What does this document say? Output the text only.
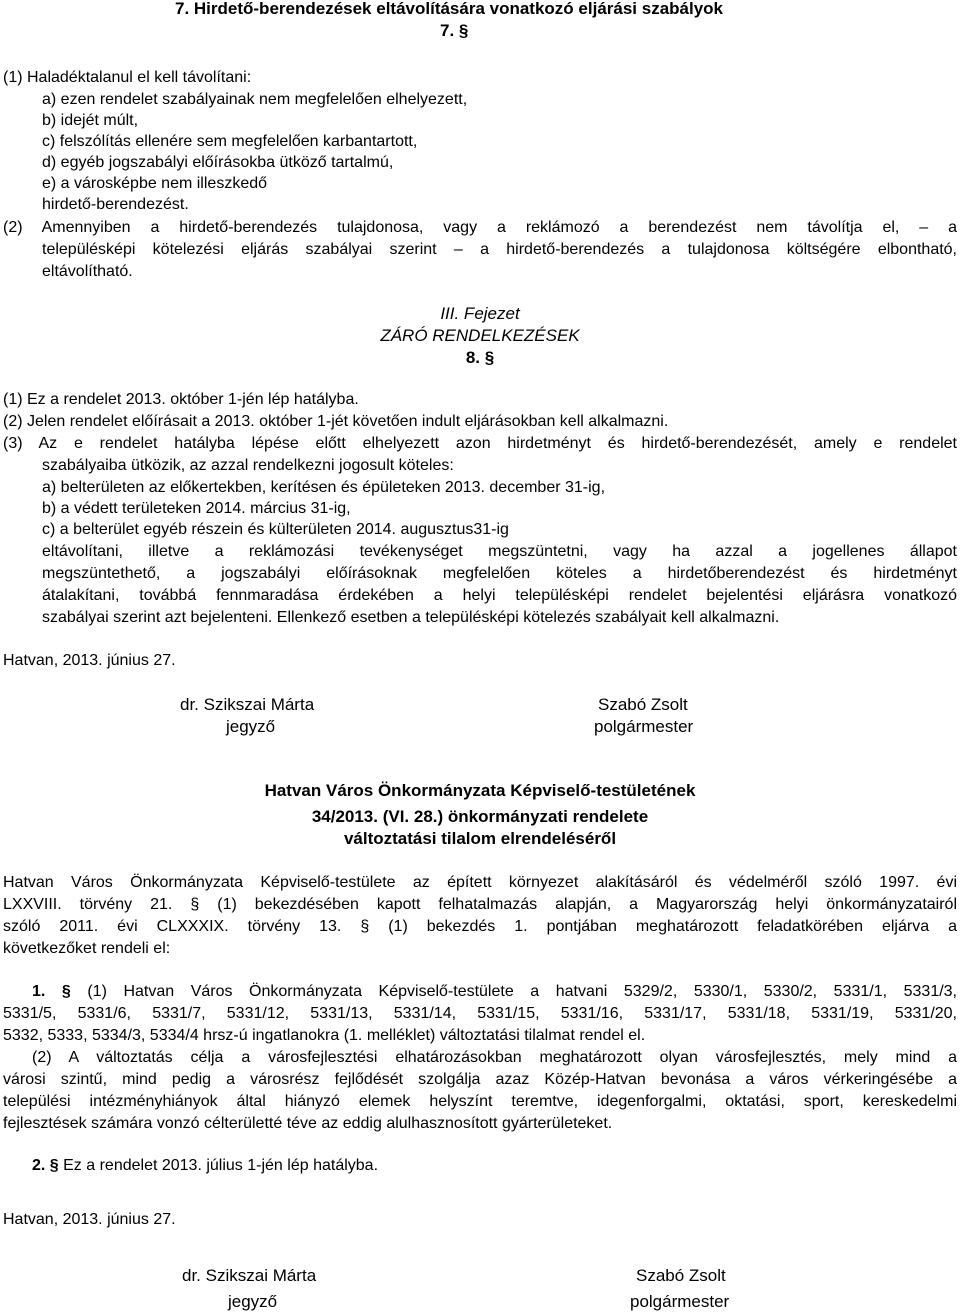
7. Hirdető-berendezések eltávolítására vonatkozó eljárási szabályok
7. §
(1) Haladéktalanul el kell távolítani:
a) ezen rendelet szabályainak nem megfelelően elhelyezett,
b) idejét múlt,
c) felszólítás ellenére sem megfelelően karbantartott,
d) egyéb jogszabályi előírásokba ütköző tartalmú,
e) a városképbe nem illeszkedő
hirdető-berendezést.
(2) Amennyiben a hirdető-berendezés tulajdonosa, vagy a reklámozó a berendezést nem távolítja el, – a
településképi kötelezési eljárás szabályai szerint – a hirdető-berendezés a tulajdonosa költségére elbontható,
eltávolítható.
III. Fejezet
ZÁRÓ RENDELKEZÉSEK
8. §
(1) Ez a rendelet 2013. október 1-jén lép hatályba.
(2) Jelen rendelet előírásait a 2013. október 1-jét követően indult eljárásokban kell alkalmazni.
(3) Az e rendelet hatályba lépése előtt elhelyezett azon hirdetményt és hirdető-berendezését, amely e rendelet
szabályaiba ütközik, az azzal rendelkezni jogosult köteles:
a) belterületen az előkertekben, kerítésen és épületeken 2013. december 31-ig,
b) a védett területeken 2014. március 31-ig,
c) a belterület egyéb részein és külterületen 2014. augusztus31-ig
eltávolítani, illetve a reklámozási tevékenységet megszüntetni, vagy ha azzal a jogellenes állapot
megszüntethető, a jogszabályi előírásoknak megfelelően köteles a hirdetőberendezést és hirdetményt
átalakítani, továbbá fennmaradása érdekében a helyi településképi rendelet bejelentési eljárásra vonatkozó
szabályai szerint azt bejelenteni. Ellenkező esetben a településképi kötelezés szabályait kell alkalmazni.
Hatvan, 2013. június 27.
dr. Szikszai Márta
jegyző
Szabó Zsolt
polgármester
Hatvan Város Önkormányzata Képviselő-testületének
34/2013. (VI. 28.) önkormányzati rendelete
változtatási tilalom elrendeléséről
Hatvan Város Önkormányzata Képviselő-testülete az épített környezet alakításáról és védelméről szóló 1997. évi
LXXVIII. törvény 21. § (1) bekezdésében kapott felhatalmazás alapján, a Magyarország helyi önkormányzatairól
szóló 2011. évi CLXXXIX. törvény 13. § (1) bekezdés 1. pontjában meghatározott feladatkörében eljárva a
következőket rendeli el:
1. § (1) Hatvan Város Önkormányzata Képviselő-testülete a hatvani 5329/2, 5330/1, 5330/2, 5331/1, 5331/3,
5331/5, 5331/6, 5331/7, 5331/12, 5331/13, 5331/14, 5331/15, 5331/16, 5331/17, 5331/18, 5331/19, 5331/20,
5332, 5333, 5334/3, 5334/4 hrsz-ú ingatlanokra (1. melléklet) változtatási tilalmat rendel el.
(2) A változtatás célja a városfejlesztési elhatározásokban meghatározott olyan városfejlesztés, mely mind a
városi szintű, mind pedig a városrész fejlődését szolgálja azaz Közép-Hatvan bevonása a város vérkeringésébe a
települési intézményhiányok által hiányzó elemek helyszínt teremtve, idegenforgalmi, oktatási, sport, kereskedelmi
fejlesztések számára vonzó célterületté téve az eddig alulhasznosított gyárterületeket.
2. § Ez a rendelet 2013. július 1-jén lép hatályba.
Hatvan, 2013. június 27.
dr. Szikszai Márta
jegyző
Szabó Zsolt
polgármester
